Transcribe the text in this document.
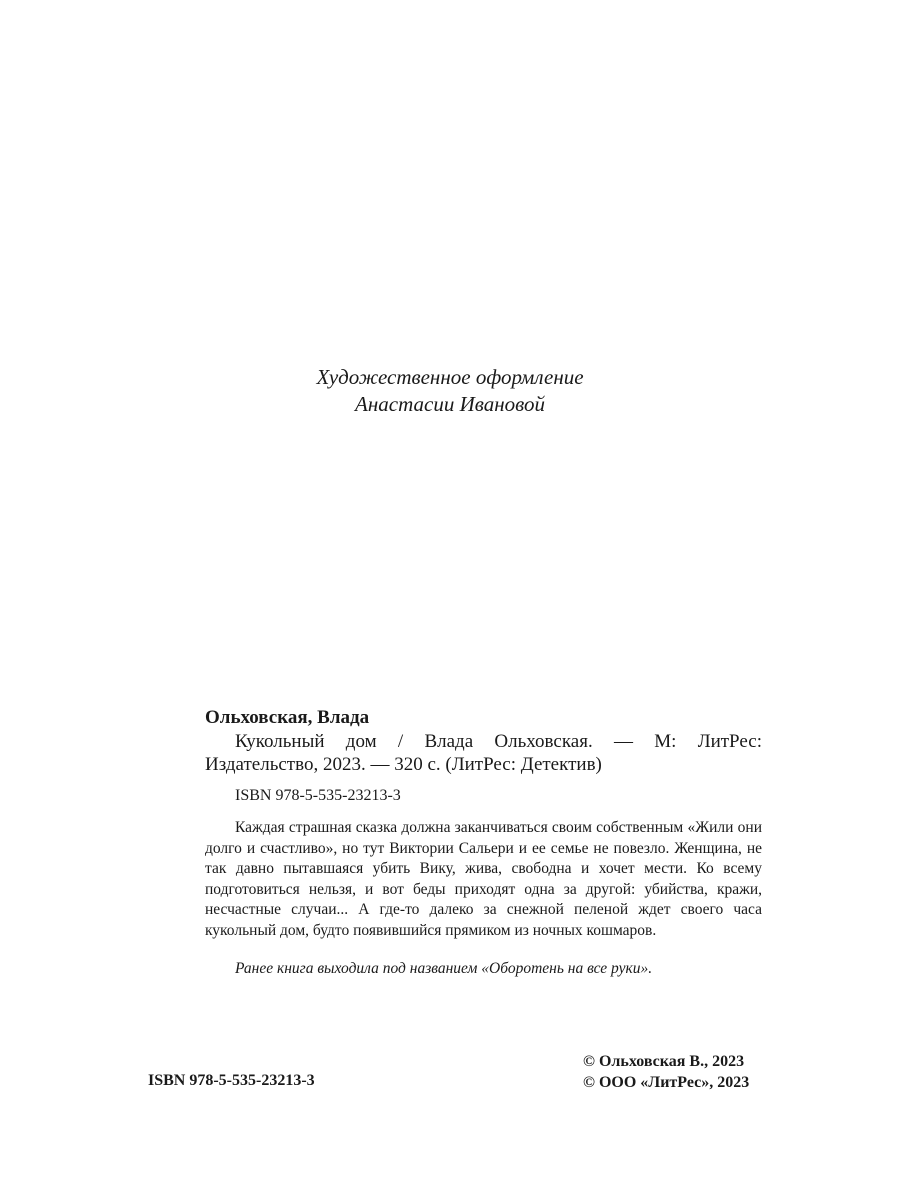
Художественное оформление
Анастасии Ивановой
Ольховская, Влада

Кукольный дом / Влада Ольховская. — М: ЛитРес: Издательство, 2023. — 320 с. (ЛитРес: Детектив)

ISBN 978-5-535-23213-3

Каждая страшная сказка должна заканчиваться своим собственным «Жили они долго и счастливо», но тут Виктории Сальери и ее семье не повезло. Женщина, не так давно пытавшаяся убить Вику, жива, свободна и хочет мести. Ко всему подготовиться нельзя, и вот беды приходят одна за другой: убийства, кражи, несчастные случаи... А где-то далеко за снежной пеленой ждет своего часа кукольный дом, будто появившийся прямиком из ночных кошмаров.

Ранее книга выходила под названием «Оборотень на все руки».
ISBN 978-5-535-23213-3
© Ольховская В., 2023
© ООО «ЛитРес», 2023
